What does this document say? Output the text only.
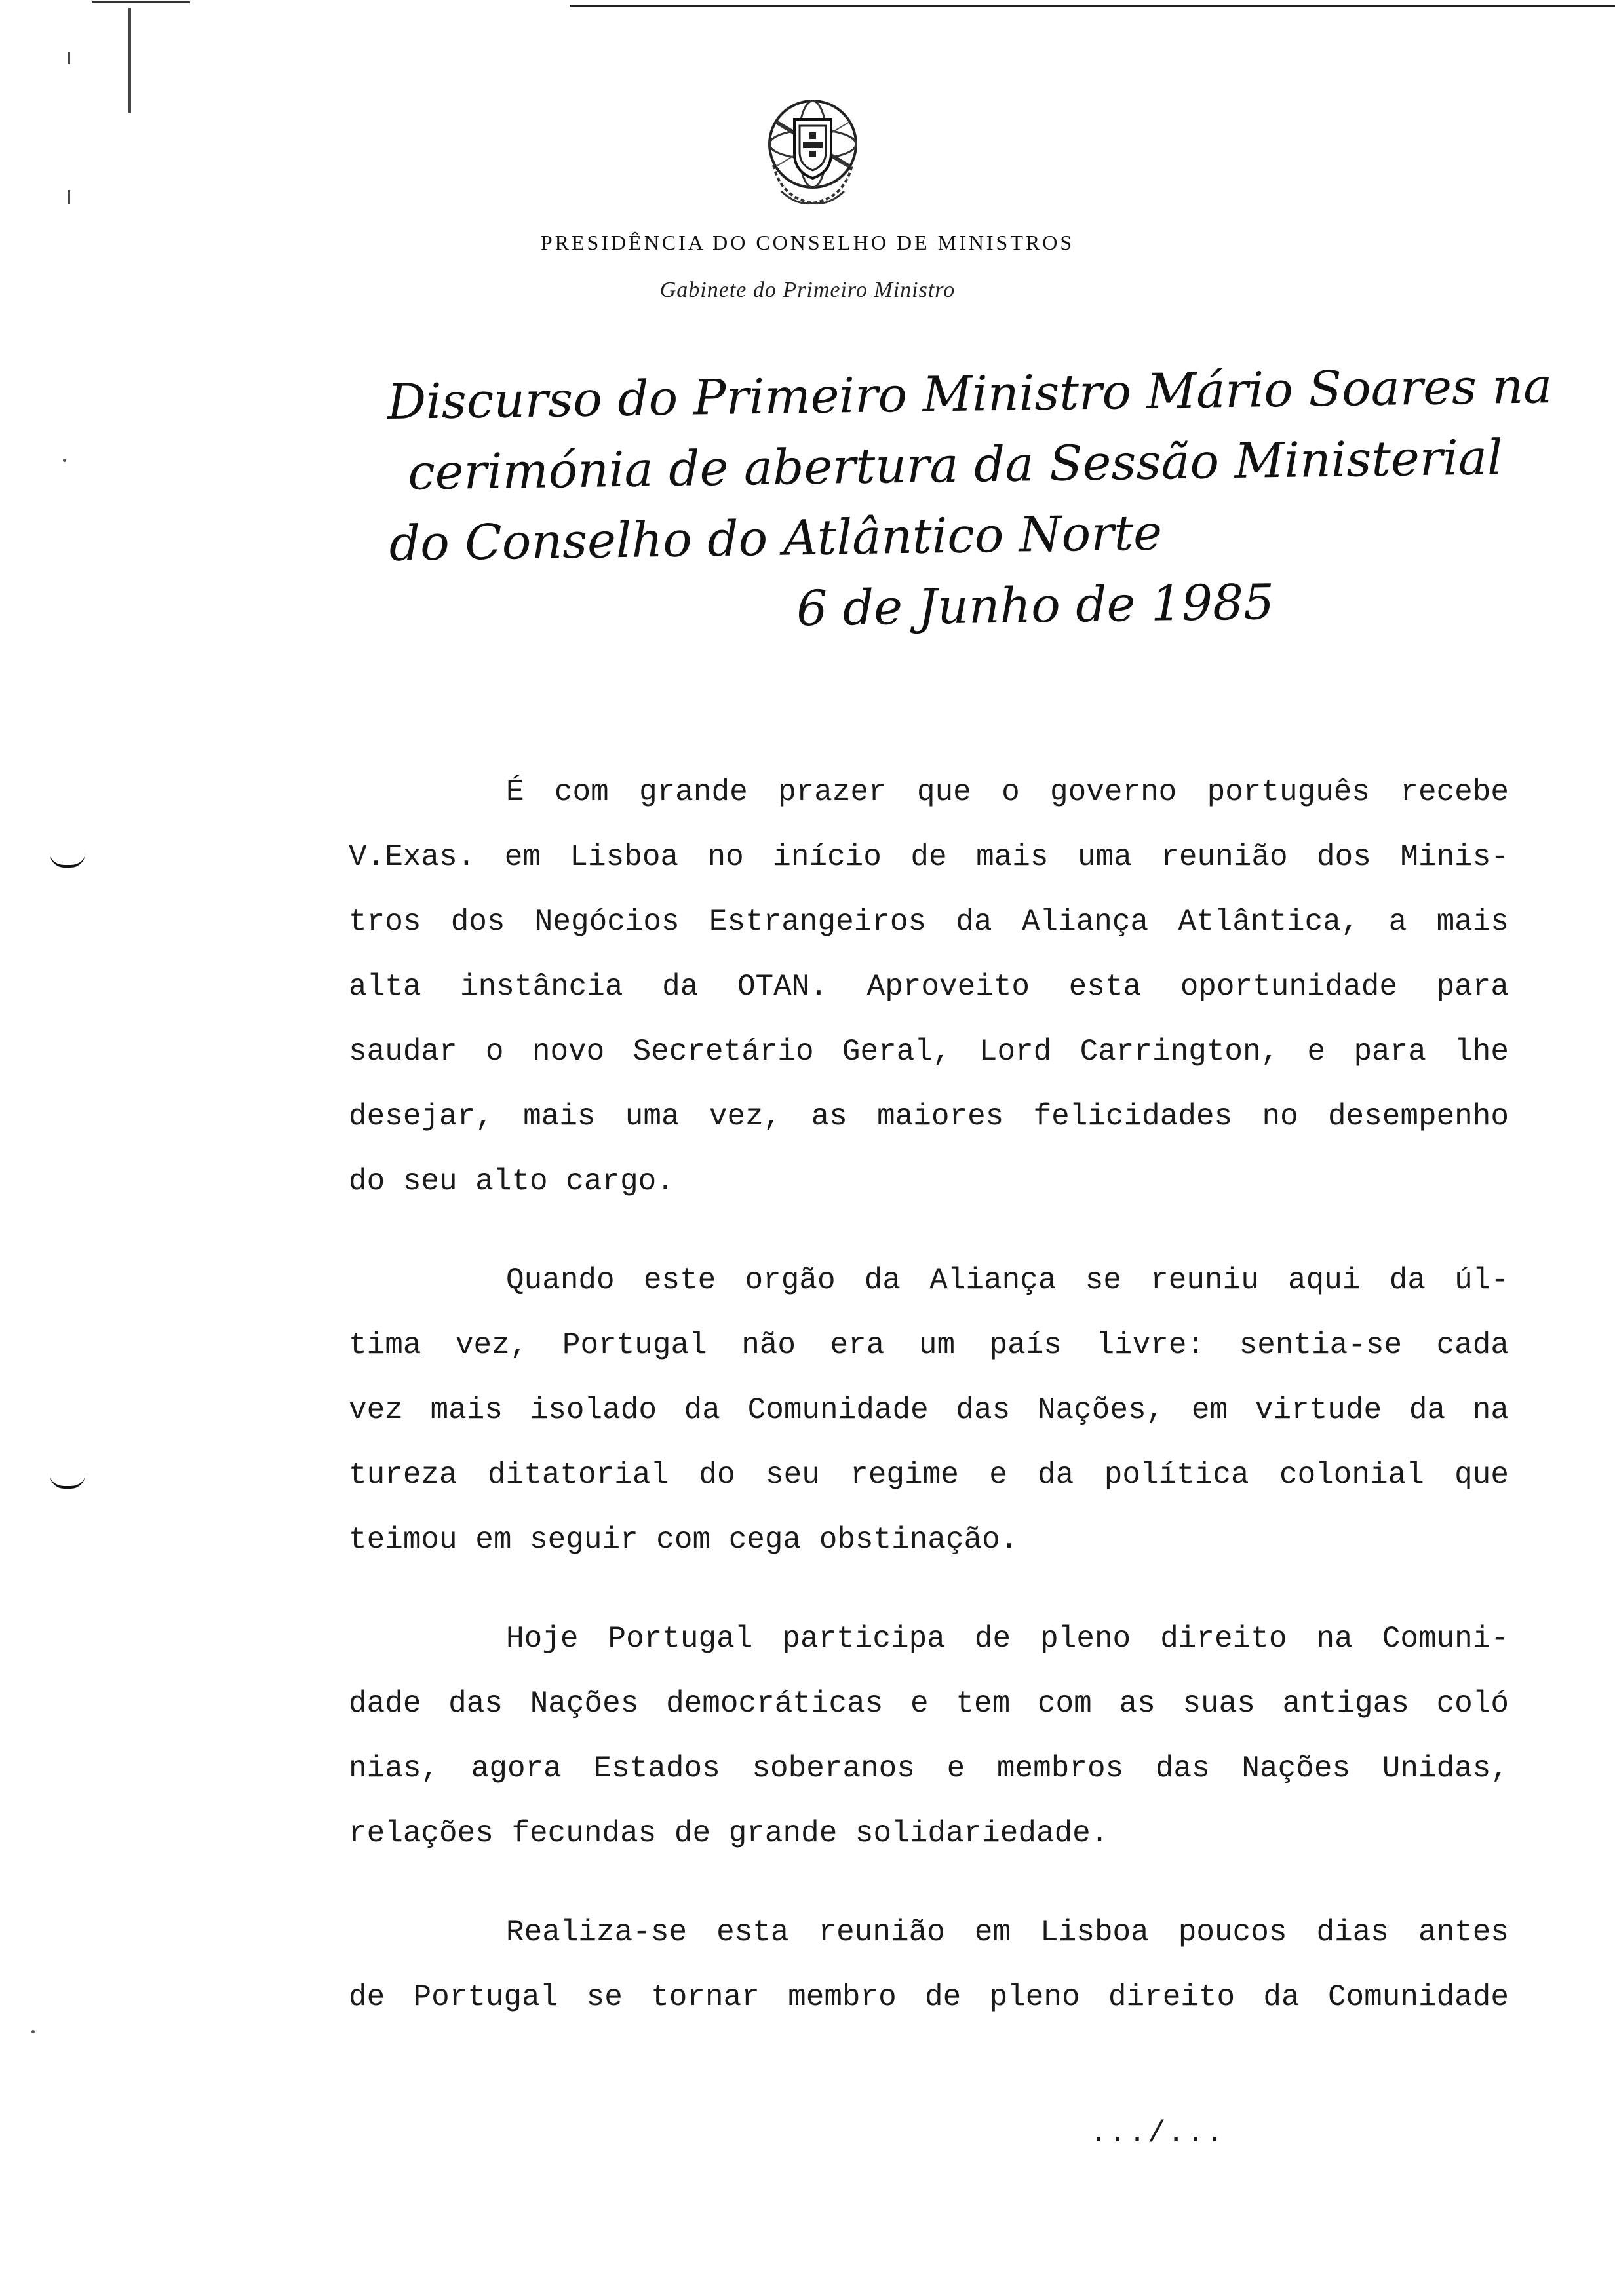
PRESIDÊNCIA DO CONSELHO DE MINISTROS
Gabinete do Primeiro Ministro
Discurso do Primeiro Ministro Mário Soares na
cerimónia de abertura da Sessão Ministerial
do Conselho do Atlântico Norte
6 de Junho de 1985
É com grande prazer que o governo português recebe
V.Exas. em Lisboa no início de mais uma reunião dos Minis-
tros dos Negócios Estrangeiros da Aliança Atlântica, a mais
alta instância da OTAN. Aproveito esta oportunidade para
saudar o novo Secretário Geral, Lord Carrington, e para lhe
desejar, mais uma vez, as maiores felicidades no desempenho
do seu alto cargo.
Quando este orgão da Aliança se reuniu aqui da úl-
tima vez, Portugal não era um país livre: sentia-se cada
vez mais isolado da Comunidade das Nações, em virtude da na
tureza ditatorial do seu regime e da política colonial que
teimou em seguir com cega obstinação.
Hoje Portugal participa de pleno direito na Comuni-
dade das Nações democráticas e tem com as suas antigas coló
nias, agora Estados soberanos e membros das Nações Unidas,
relações fecundas de grande solidariedade.
Realiza-se esta reunião em Lisboa poucos dias antes
de Portugal se tornar membro de pleno direito da Comunidade
.../...
